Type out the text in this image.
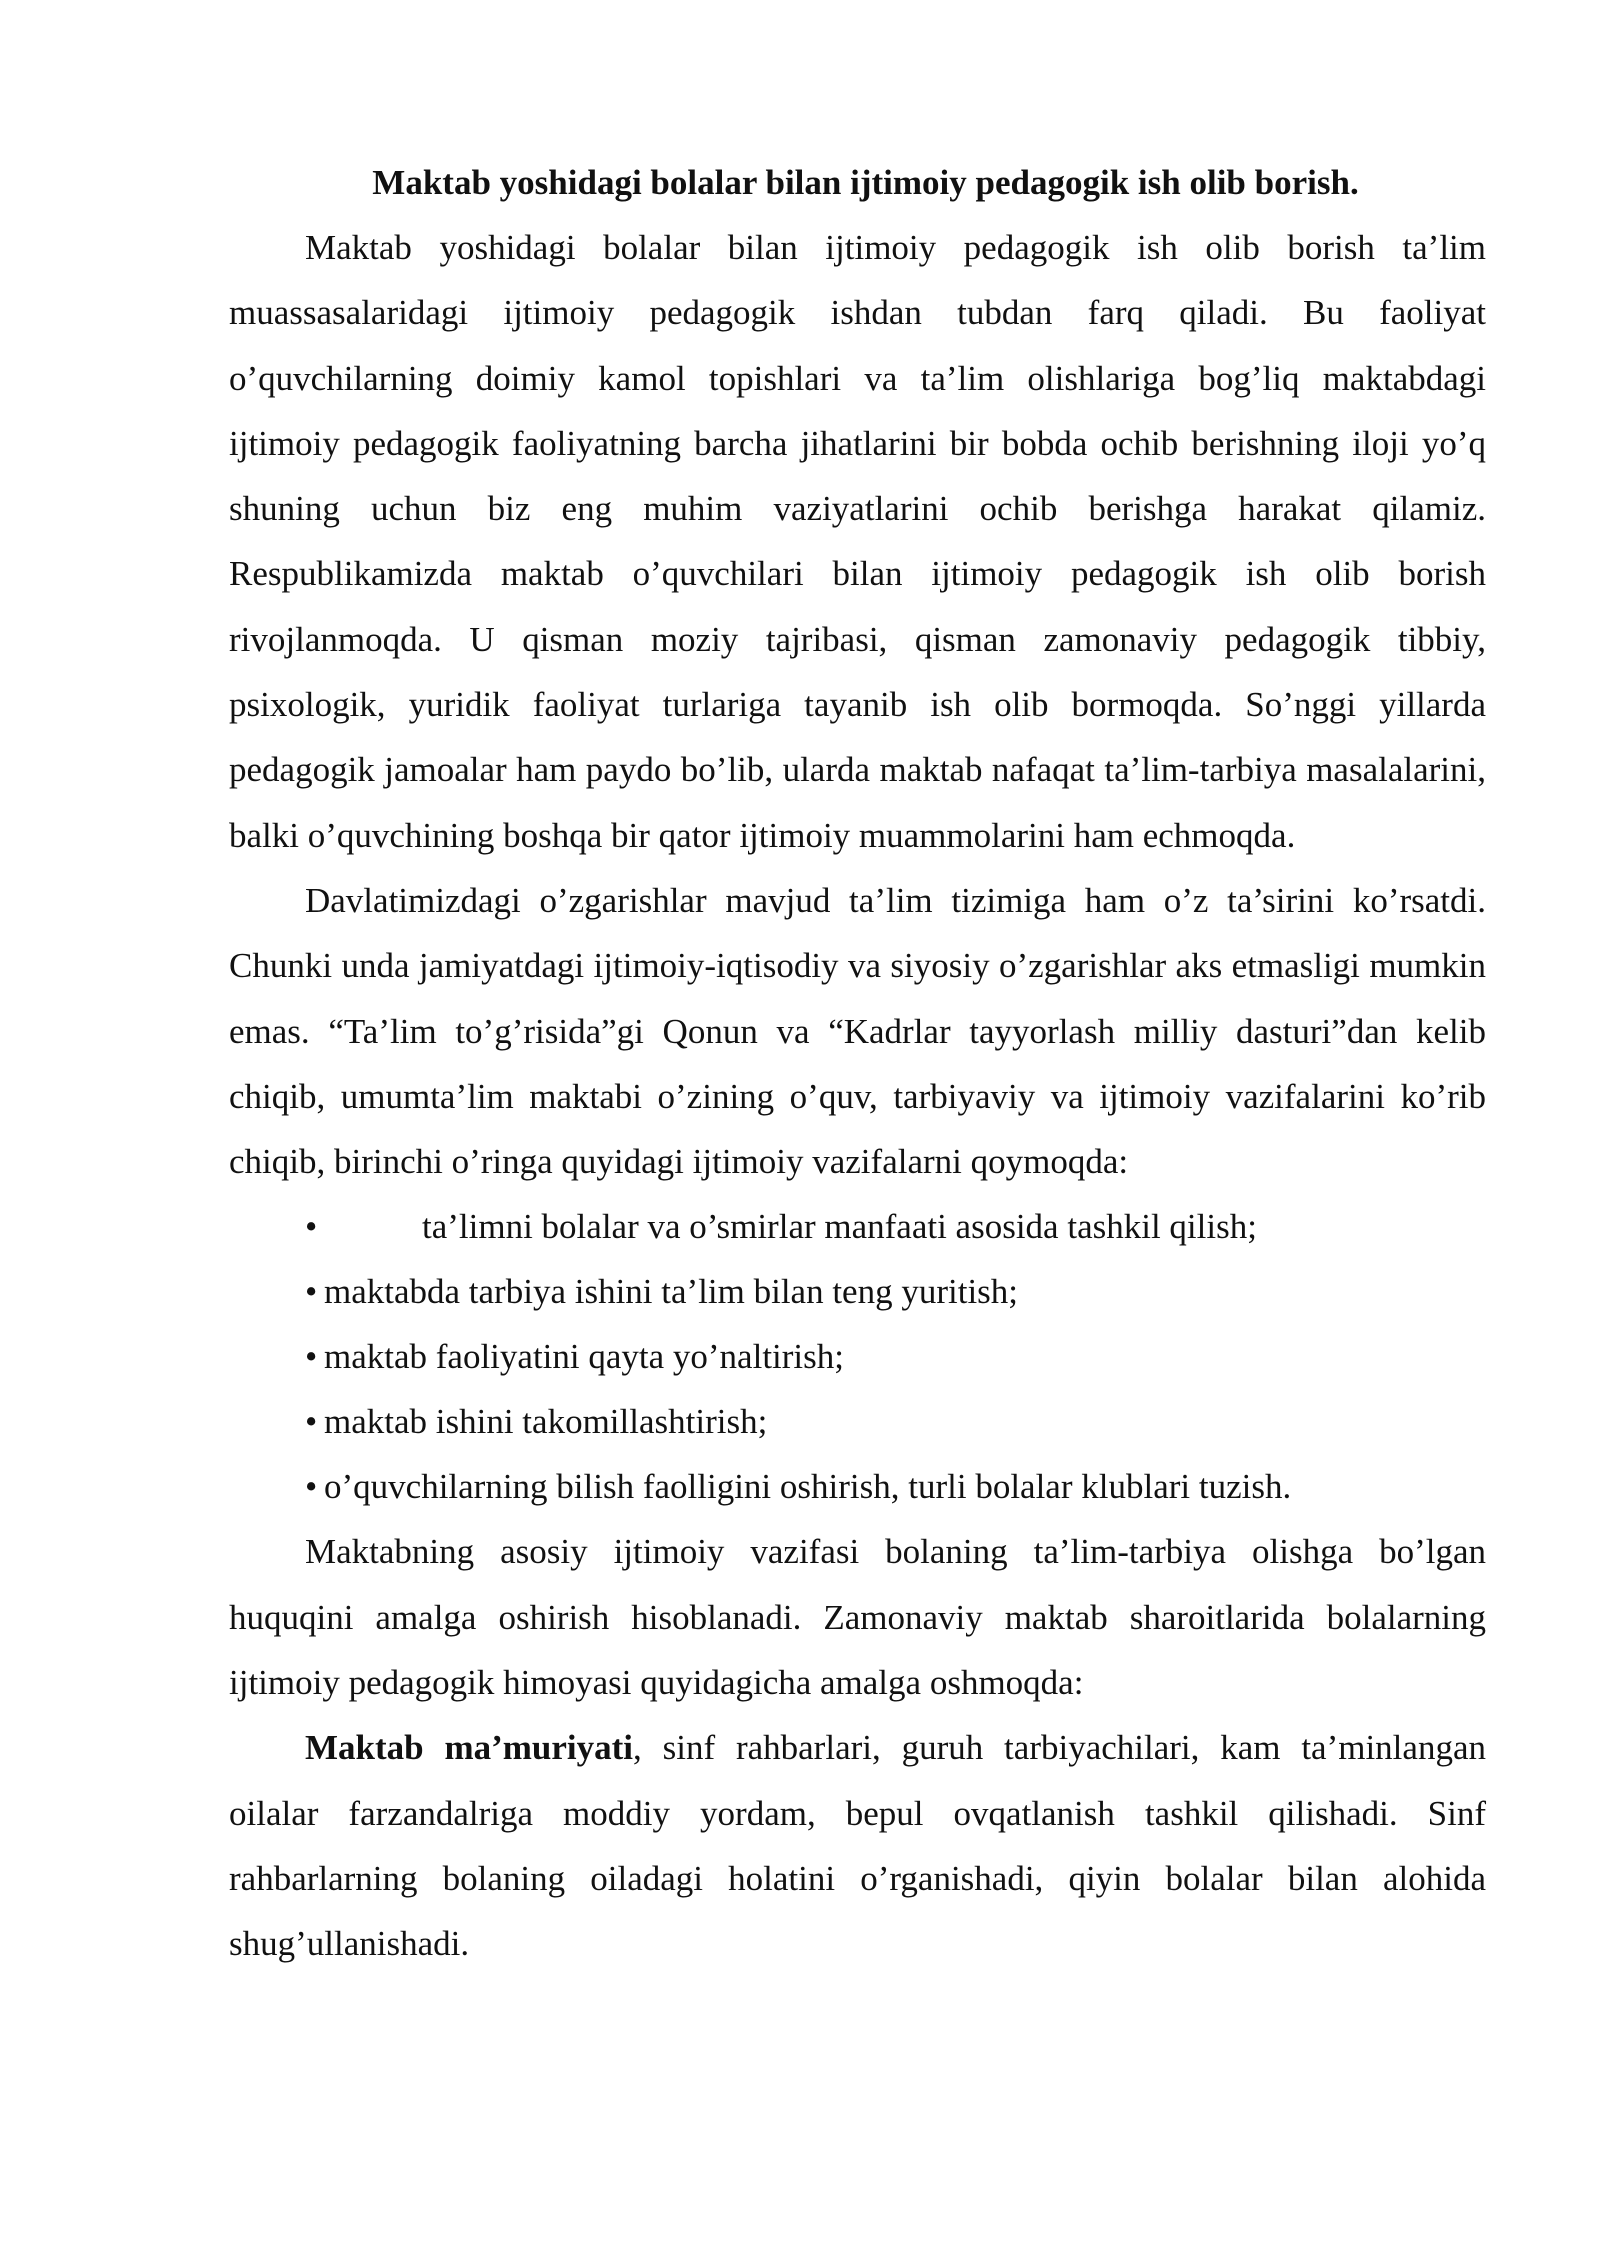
Maktab yoshidagi bolalar bilan ijtimoiy pedagogik ish olib borish.

Maktab yoshidagi bolalar bilan ijtimoiy pedagogik ish olib borish ta’lim muassasalaridagi ijtimoiy pedagogik ishdan tubdan farq qiladi. Bu faoliyat o’quvchilarning doimiy kamol topishlari va ta’lim olishlariga bog’liq maktabdagi ijtimoiy pedagogik faoliyatning barcha jihatlarini bir bobda ochib berishning iloji yo’q shuning uchun biz eng muhim vaziyatlarini ochib berishga harakat qilamiz. Respublikamizda maktab o’quvchilari bilan ijtimoiy pedagogik ish olib borish rivojlanmoqda. U qisman moziy tajribasi, qisman zamonaviy pedagogik tibbiy, psixologik, yuridik faoliyat turlariga tayanib ish olib bormoqda. So’nggi yillarda pedagogik jamoalar ham paydo bo’lib, ularda maktab nafaqat ta’lim-tarbiya masalalarini, balki o’quvchining boshqa bir qator ijtimoiy muammolarini ham echmoqda.

Davlatimizdagi o’zgarishlar mavjud ta’lim tizimiga ham o’z ta’sirini ko’rsatdi. Chunki unda jamiyatdagi ijtimoiy-iqtisodiy va siyosiy o’zgarishlar aks etmasligi mumkin emas. “Ta’lim to’g’risida”gi Qonun va “Kadrlar tayyorlash milliy dasturi”dan kelib chiqib, umumta’lim maktabi o’zining o’quv, tarbiyaviy va ijtimoiy vazifalarini ko’rib chiqib, birinchi o’ringa quyidagi ijtimoiy vazifalarni qoymoqda:

•	ta’limni bolalar va o’smirlar manfaati asosida tashkil qilish;
• maktabda tarbiya ishini ta’lim bilan teng yuritish;
• maktab faoliyatini qayta yo’naltirish;
• maktab ishini takomillashtirish;
• o’quvchilarning bilish faolligini oshirish, turli bolalar klublari tuzish.

Maktabning asosiy ijtimoiy vazifasi bolaning ta’lim-tarbiya olishga bo’lgan huquqini amalga oshirish hisoblanadi. Zamonaviy maktab sharoitlarida bolalarning ijtimoiy pedagogik himoyasi quyidagicha amalga oshmoqda:

Maktab ma’muriyati, sinf rahbarlari, guruh tarbiyachilari, kam ta’minlangan oilalar farzandalriga moddiy yordam, bepul ovqatlanish tashkil qilishadi. Sinf rahbarlarning bolaning oiladagi holatini o’rganishadi, qiyin bolalar bilan alohida shug’ullanishadi.
